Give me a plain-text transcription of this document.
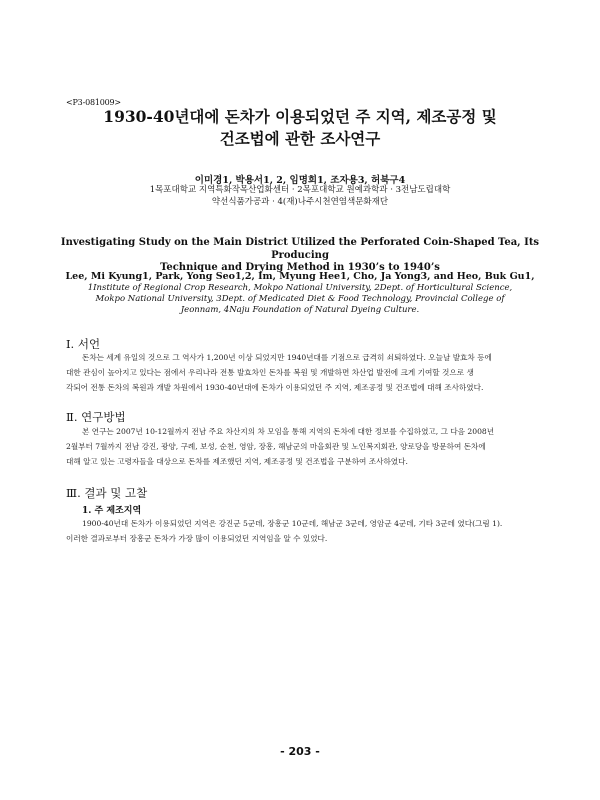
<P3-081009>
1930-40년대에 돈차가 이용되었던 주 지역, 제조공정 및
건조법에 관한 조사연구
이미경1, 박용서1, 2, 임명희1, 조자용3, 허북구4
1목포대학교 지역특화작목산업화센터 · 2목포대학교 원예과학과 · 3전남도립대학
약선식품가공과 · 4(재)나주시천연염색문화재단
Investigating Study on the Main District Utilized the Perforated Coin-Shaped Tea, Its Producing
Technique and Drying Method in 1930’s to 1940’s
Lee, Mi Kyung1, Park, Yong Seo1,2, Im, Myung Hee1, Cho, Ja Yong3, and Heo, Buk Gu1,
1Institute of Regional Crop Research, Mokpo National University, 2Dept. of Horticultural Science,
Mokpo National University, 3Dept. of Medicated Diet & Food Technology, Provincial College of
Jeonnam, 4Naju Foundation of Natural Dyeing Culture.
Ⅰ. 서언
돈차는 세계 유일의 것으로 그 역사가 1,200년 이상 되었지만 1940년대를 기점으로 급격히 쇠퇴하였다. 오늘날 발효차 등에
대한 관심이 높아지고 있다는 점에서 우리나라 전통 발효차인 돈차를 복원 및 개발하면 차산업 발전에 크게 기여할 것으로 생
각되어 전통 돈차의 복원과 개발 차원에서 1930-40년대에 돈차가 이용되었던 주 지역, 제조공정 및 건조법에 대해 조사하였다.
Ⅱ. 연구방법
본 연구는 2007년 10-12월까지 전남 주요 차산지의 차 모임을 통해 지역의 돈차에 대한 정보를 수집하였고, 그 다음 2008년
2월부터 7월까지 전남 강진, 광양, 구례, 보성, 순천, 영암, 장흥, 해남군의 마을회관 및 노인복지회관, 양로당을 방문하여 돈차에
대해 알고 있는 고령자들을 대상으로 돈차를 제조했던 지역, 제조공정 및 건조법을 구분하여 조사하였다.
Ⅲ. 결과 및 고찰
1. 주 제조지역
1900-40년대 돈차가 이용되었던 지역은 강진군 5군데, 장흥군 10군데, 해남군 3군데, 영암군 4군데, 기타 3군데 였다(그림 1).
이러한 결과로부터 장흥군 돈차가 가장 많이 이용되었던 지역임을 알 수 있었다.
- 203 -
